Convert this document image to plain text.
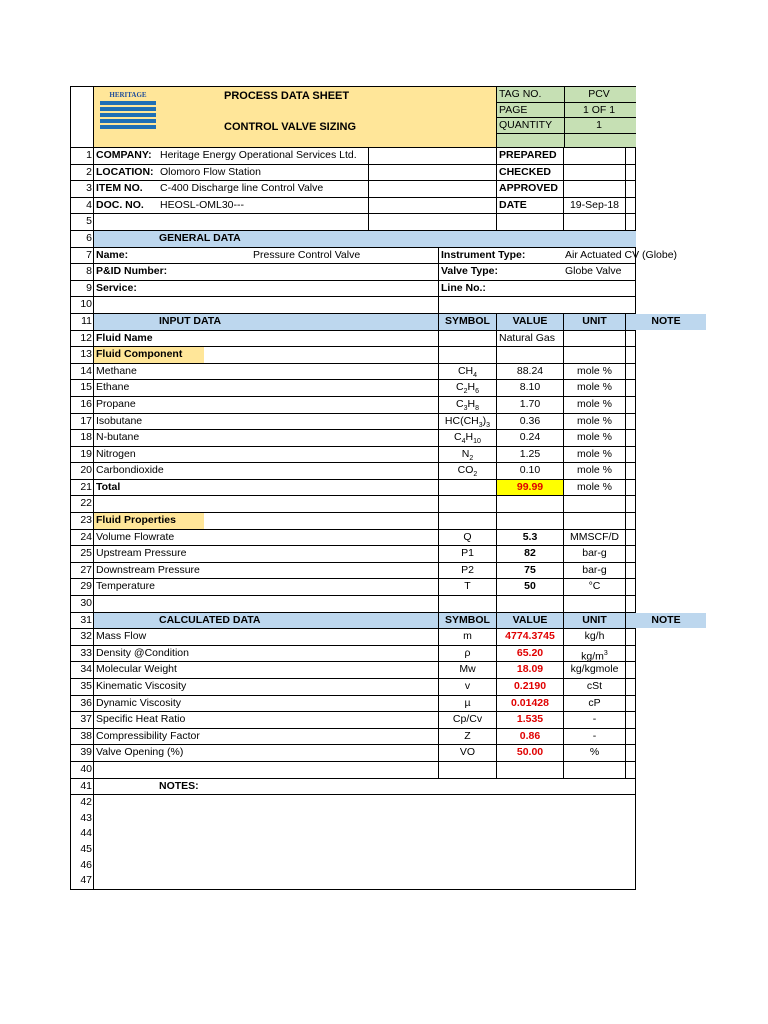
HERITAGE	PROCESS DATA SHEET
CONTROL VALVE SIZING
TAG NO.	PCV
PAGE	1 OF 1
QUANTITY	1
1 COMPANY: Heritage Energy Operational Services Ltd.	PREPARED
2 LOCATION: Olomoro Flow Station	CHECKED
3 ITEM NO.	C-400 Discharge line Control Valve	APPROVED
4 DOC. NO.	HEOSL-OML30---	DATE	19-Sep-18
5
6	GENERAL DATA
7 Name:	Pressure Control Valve	Instrument Type:	Air Actuated CV (Globe)
8 P&ID Number:	Valve Type:	Globe Valve
9 Service:	Line No.:
10
11	INPUT DATA	SYMBOL	VALUE	UNIT	NOTE
12 Fluid Name	Natural Gas
13 Fluid Component
14 Methane	$CH_4$	88.24	mole %
15 Ethane	$C_2H_6$	8.10	mole %
16 Propane	$C_3H_8$	1.70	mole %
17 Isobutane	$HC(CH_3)_3$	0.36	mole %
18 N-butane	$C_4H_{10}$	0.24	mole %
19 Nitrogen	$N_2$	1.25	mole %
20 Carbondioxide	$CO_2$	0.10	mole %
21 Total	99.99	mole %
22
23 Fluid Properties
24 Volume Flowrate	Q	5.3	MMSCF/D
25 Upstream Pressure	P1	82	bar-g
27 Downstream Pressure	P2	75	bar-g
29 Temperature	T	50	°C
30
31	CALCULATED DATA	SYMBOL	VALUE	UNIT	NOTE
32 Mass Flow	m	4774.3745	kg/h
33 Density @Condition	ρ	65.20	$kg/m^3$
34 Molecular Weight	Mw	18.09	kg/kgmole
35 Kinematic Viscosity	v	0.2190	cSt
36 Dynamic Viscosity	µ	0.01428	cP
37 Specific Heat Ratio	Cp/Cv	1.535	-
38 Compressibility Factor	Z	0.86	-
39 Valve Opening (%)	VO	50.00	%
40
41	NOTES:
42
43
44
45
46
47
